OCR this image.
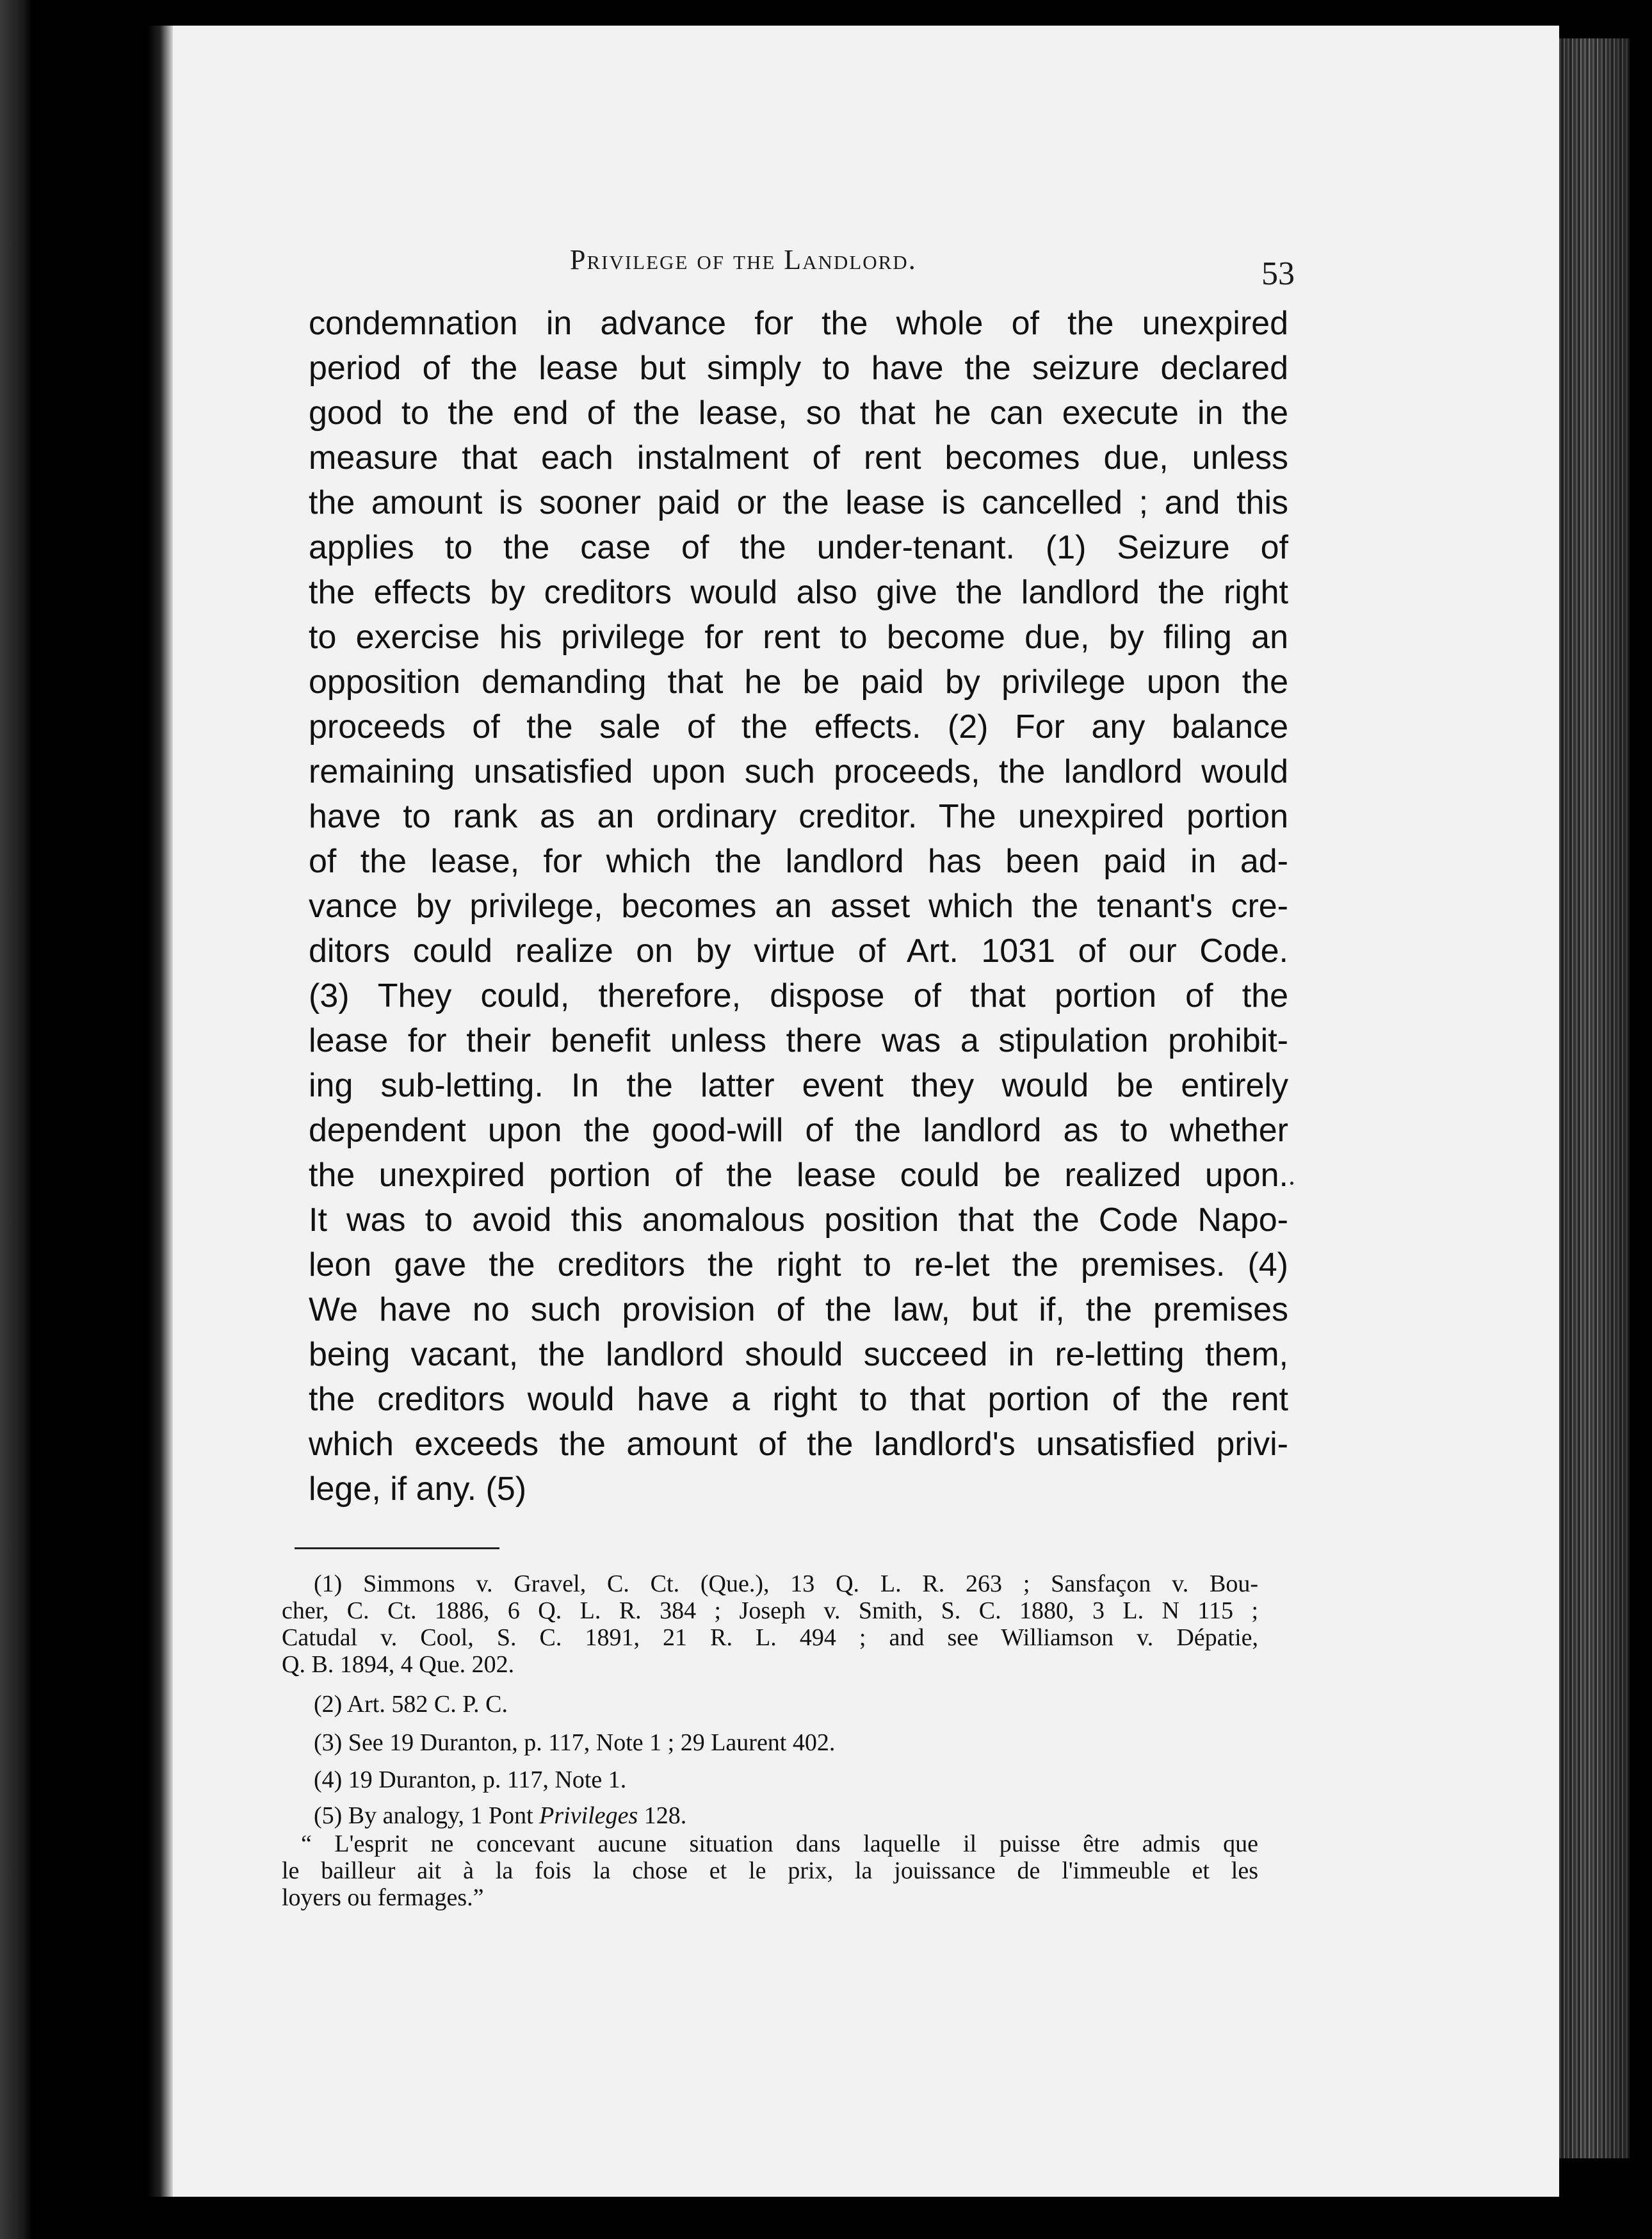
Privilege of the Landlord.	53
condemnation in advance for the whole of the unexpired
period of the lease but simply to have the seizure declared
good to the end of the lease, so that he can execute in the
measure that each instalment of rent becomes due, unless
the amount is sooner paid or the lease is cancelled ; and this
applies to the case of the under-tenant. (1) Seizure of
the effects by creditors would also give the landlord the right
to exercise his privilege for rent to become due, by filing an
opposition demanding that he be paid by privilege upon the
proceeds of the sale of the effects. (2) For any balance
remaining unsatisfied upon such proceeds, the landlord would
have to rank as an ordinary creditor. The unexpired portion
of the lease, for which the landlord has been paid in ad-
vance by privilege, becomes an asset which the tenant's cre-
ditors could realize on by virtue of Art. 1031 of our Code.
(3) They could, therefore, dispose of that portion of the
lease for their benefit unless there was a stipulation prohibit-
ing sub-letting. In the latter event they would be entirely
dependent upon the good-will of the landlord as to whether
the unexpired portion of the lease could be realized upon.
It was to avoid this anomalous position that the Code Napo-
leon gave the creditors the right to re-let the premises. (4)
We have no such provision of the law, but if, the premises
being vacant, the landlord should succeed in re-letting them,
the creditors would have a right to that portion of the rent
which exceeds the amount of the landlord's unsatisfied privi-
lege, if any. (5)
(1) Simmons v. Gravel, C. Ct. (Que.), 13 Q. L. R. 263 ; Sansfaçon v. Bou-
cher, C. Ct. 1886, 6 Q. L. R. 384 ; Joseph v. Smith, S. C. 1880, 3 L. N 115 ;
Catudal v. Cool, S. C. 1891, 21 R. L. 494 ; and see Williamson v. Dépatie,
Q. B. 1894, 4 Que. 202.
(2) Art. 582 C. P. C.
(3) See 19 Duranton, p. 117, Note 1 ; 29 Laurent 402.
(4) 19 Duranton, p. 117, Note 1.
(5) By analogy, 1 Pont Privileges 128.
“ L'esprit ne concevant aucune situation dans laquelle il puisse être admis que
le bailleur ait à la fois la chose et le prix, la jouissance de l'immeuble et les
loyers ou fermages.”
